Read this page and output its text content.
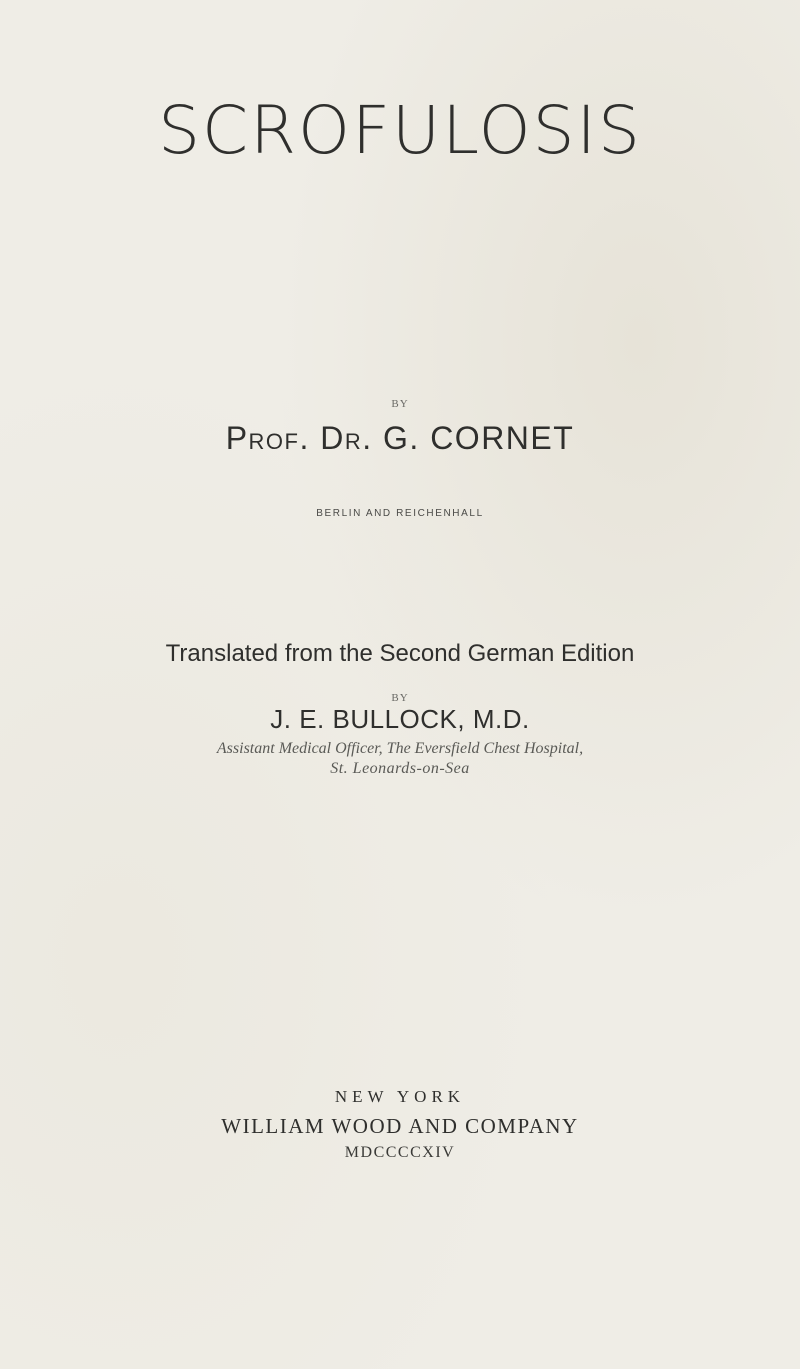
SCROFULOSIS
BY
Prof. Dr. G. CORNET
BERLIN AND REICHENHALL
Translated from the Second German Edition
BY
J. E. BULLOCK, M.D.
Assistant Medical Officer, The Eversfield Chest Hospital,
St. Leonards-on-Sea
NEW YORK
WILLIAM WOOD AND COMPANY
MDCCCCXIV
